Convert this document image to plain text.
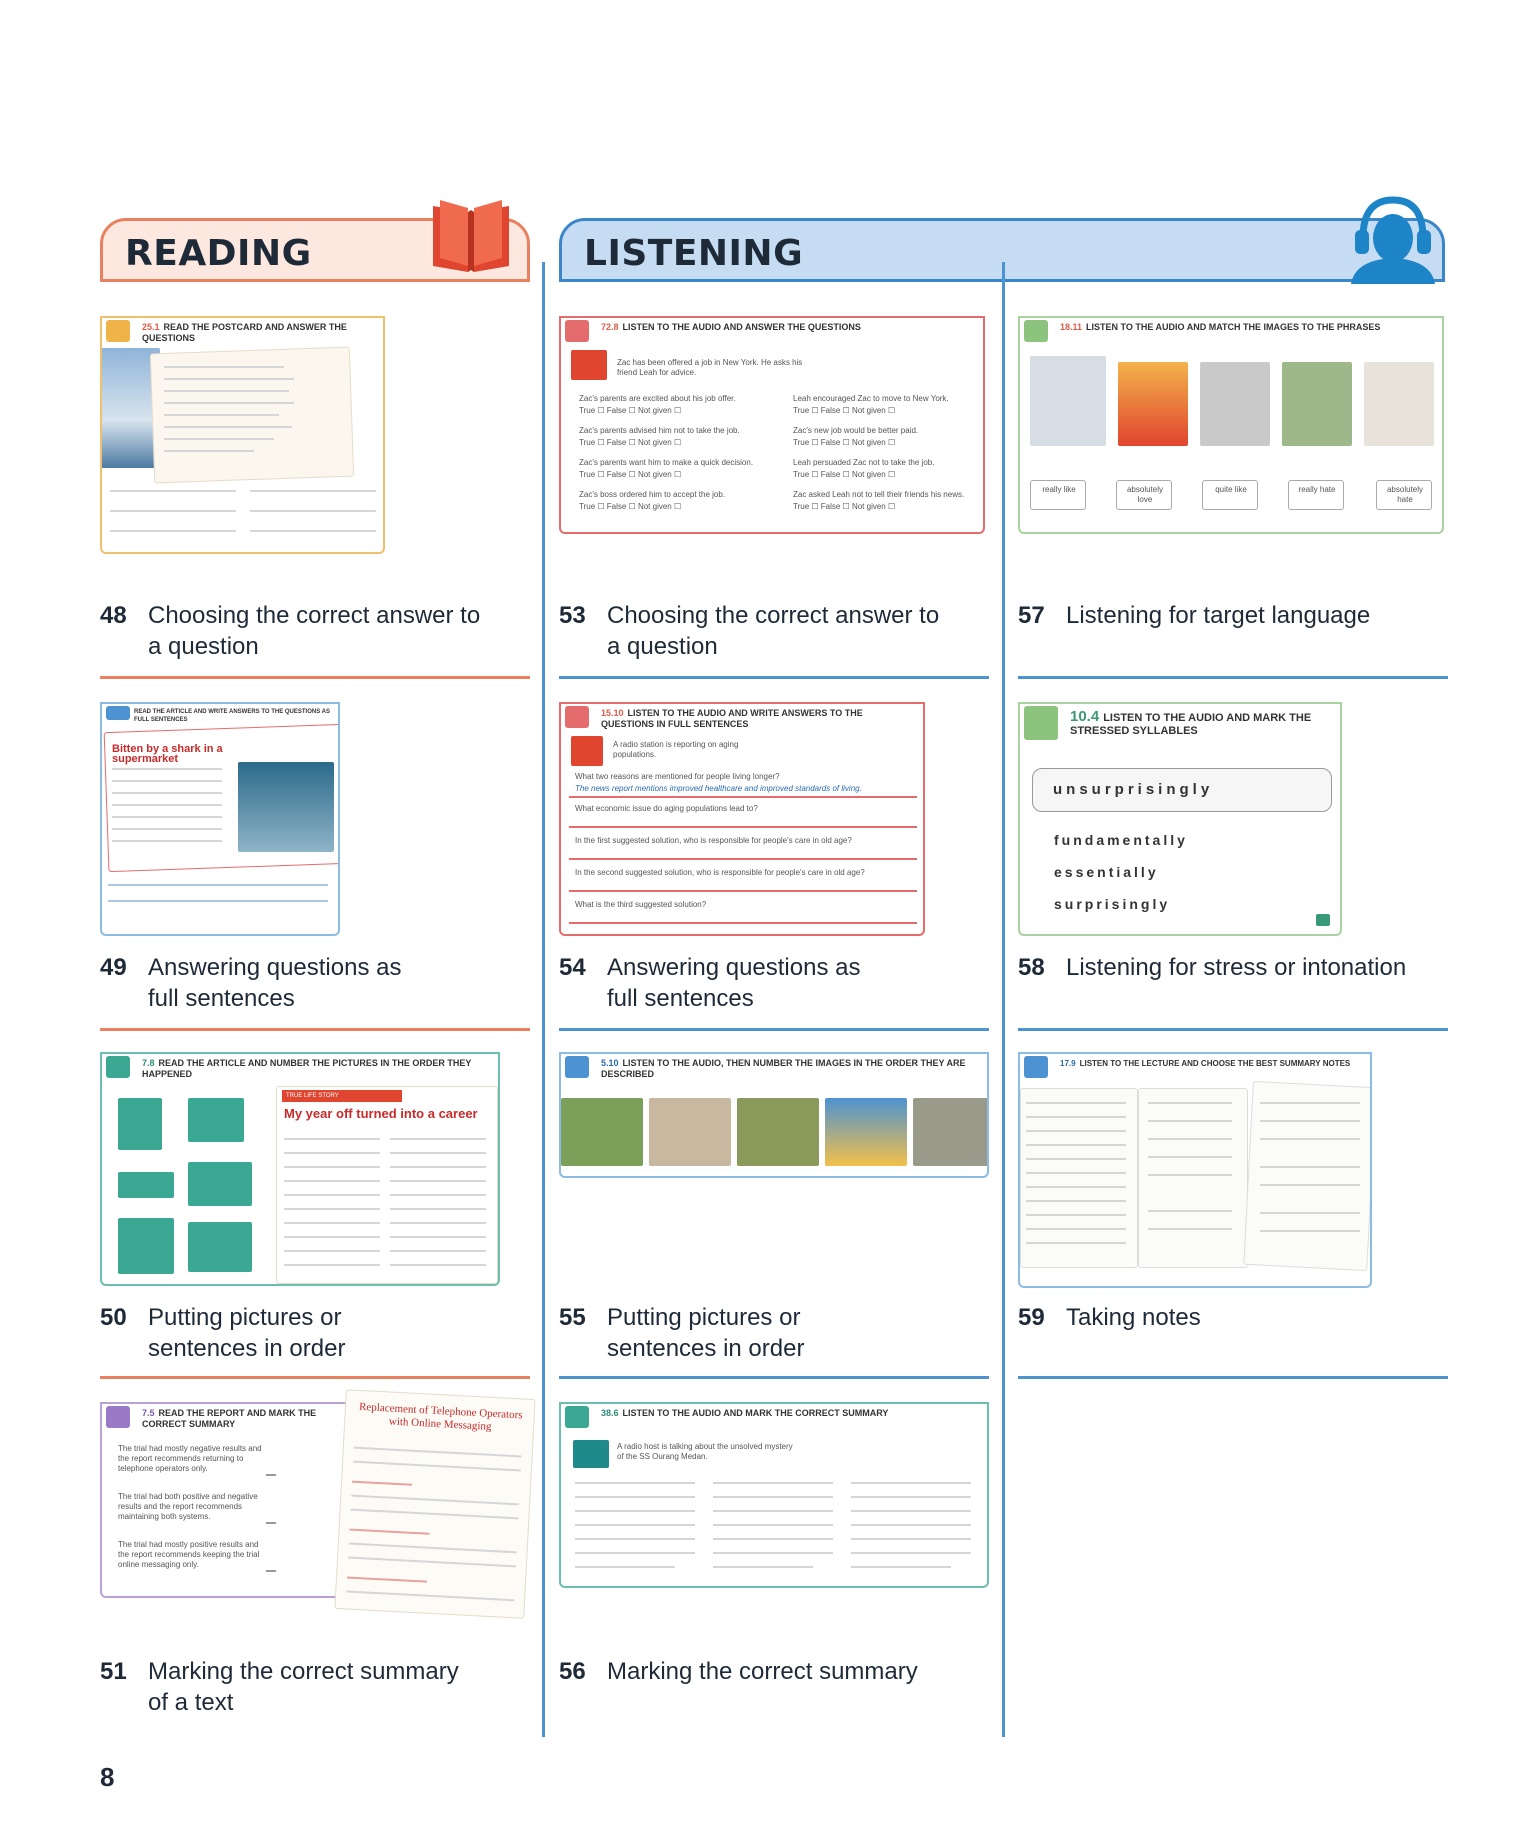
READING	LISTENING
25.1 READ THE POSTCARD AND ANSWER THE QUESTIONS
72.8 LISTEN TO THE AUDIO AND ANSWER THE QUESTIONS
Zac has been offered a job in New York. He asks his friend Leah for advice.
Zac's parents are excited about his job offer.
True ☐ False ☐ Not given ☐
Leah encouraged Zac to move to New York.
True ☐ False ☐ Not given ☐
Zac's parents advised him not to take the job.
True ☐ False ☐ Not given ☐
Zac's new job would be better paid.
True ☐ False ☐ Not given ☐
Zac's parents want him to make a quick decision.
True ☐ False ☐ Not given ☐
Leah persuaded Zac not to take the job.
True ☐ False ☐ Not given ☐
Zac's boss ordered him to accept the job.
True ☐ False ☐ Not given ☐
Zac asked Leah not to tell their friends his news.
True ☐ False ☐ Not given ☐
18.11 LISTEN TO THE AUDIO AND MATCH THE IMAGES TO THE PHRASES
really like	absolutely love
quite like	really hate	absolutely hate
48 Choosing the correct answer to a question
53 Choosing the correct answer to a question
57 Listening for target language
READ THE ARTICLE AND WRITE ANSWERS TO THE QUESTIONS AS FULL SENTENCES
Bitten by a shark in a supermarket
15.10 LISTEN TO THE AUDIO AND WRITE ANSWERS TO THE QUESTIONS IN FULL SENTENCES
A radio station is reporting on aging populations.
What two reasons are mentioned for people living longer?
The news report mentions improved healthcare and improved standards of living.
What economic issue do aging populations lead to?
In the first suggested solution, who is responsible for people's care in old age?
In the second suggested solution, who is responsible for people's care in old age?
What is the third suggested solution?
10.4 LISTEN TO THE AUDIO AND MARK THE STRESSED SYLLABLES
unsurprisingly
fundamentally
essentially
surprisingly
49 Answering questions as full sentences
54 Answering questions as full sentences
58 Listening for stress or intonation
7.8 READ THE ARTICLE AND NUMBER THE PICTURES IN THE ORDER THEY HAPPENED
TRUE LIFE STORY
My year off turned into a career
5.10 LISTEN TO THE AUDIO, THEN NUMBER THE IMAGES IN THE ORDER THEY ARE DESCRIBED
17.9 LISTEN TO THE LECTURE AND CHOOSE THE BEST SUMMARY NOTES
50 Putting pictures or sentences in order
55 Putting pictures or sentences in order
59 Taking notes
7.5 READ THE REPORT AND MARK THE CORRECT SUMMARY
The trial had mostly negative results and the report recommends returning to telephone operators only.
The trial had both positive and negative results and the report recommends maintaining both systems.
The trial had mostly positive results and the report recommends keeping the trial online messaging only.
Replacement of Telephone Operators with Online Messaging
38.6 LISTEN TO THE AUDIO AND MARK THE CORRECT SUMMARY
A radio host is talking about the unsolved mystery of the SS Ourang Medan.
51 Marking the correct summary of a text
56 Marking the correct summary
8
